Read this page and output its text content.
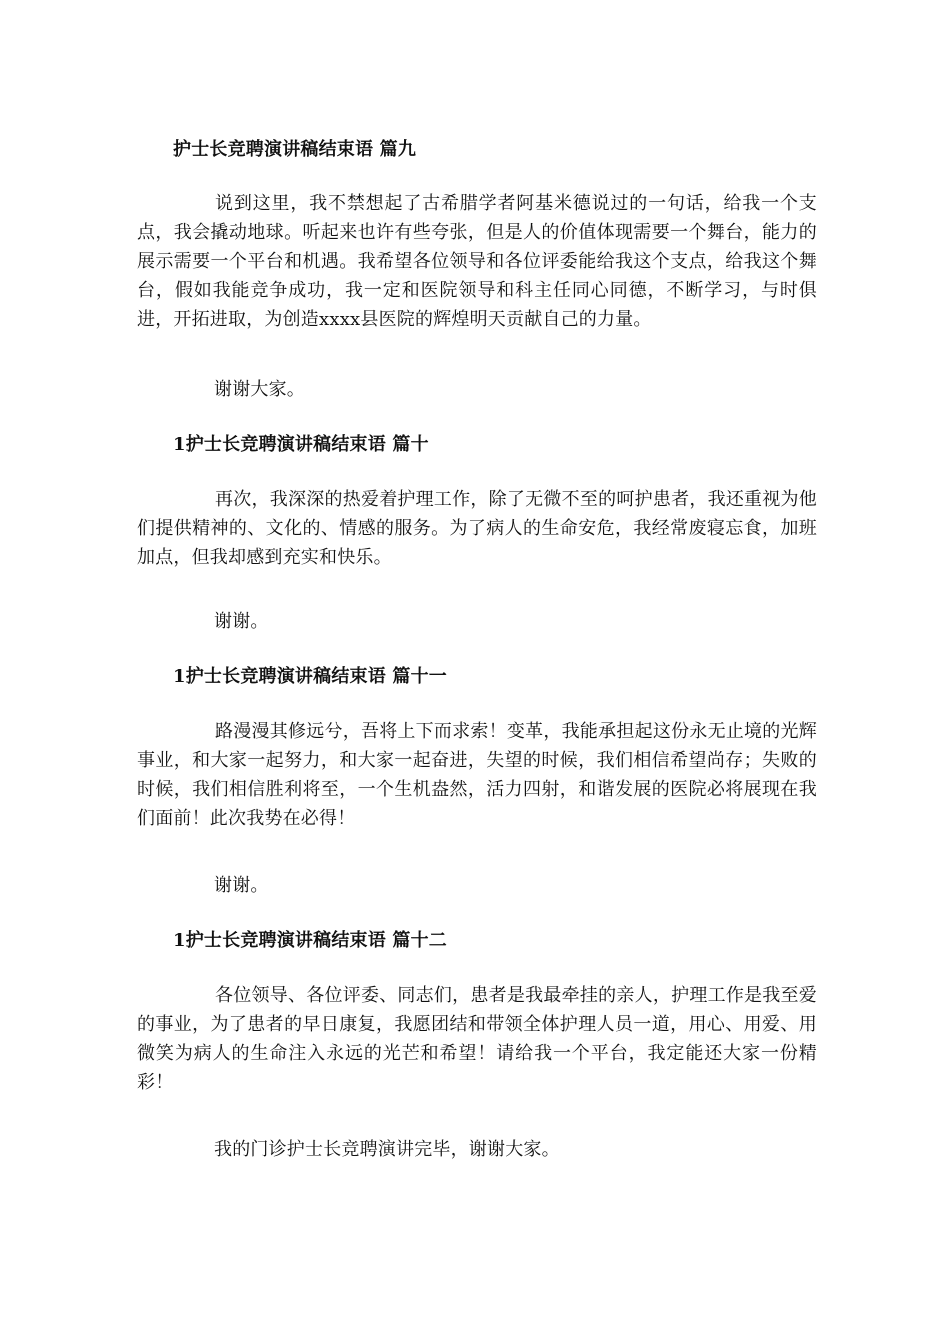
护士长竞聘演讲稿结束语 篇九

说到这里，我不禁想起了古希腊学者阿基米德说过的一句话，给我一个支点，我会撬动地球。听起来也许有些夸张，但是人的价值体现需要一个舞台，能力的展示需要一个平台和机遇。我希望各位领导和各位评委能给我这个支点，给我这个舞台，假如我能竞争成功，我一定和医院领导和科主任同心同德，不断学习，与时俱进，开拓进取，为创造xxxx县医院的辉煌明天贡献自己的力量。

谢谢大家。

1护士长竞聘演讲稿结束语 篇十

再次，我深深的热爱着护理工作，除了无微不至的呵护患者，我还重视为他们提供精神的、文化的、情感的服务。为了病人的生命安危，我经常废寝忘食，加班加点，但我却感到充实和快乐。

谢谢。

1护士长竞聘演讲稿结束语 篇十一

路漫漫其修远兮，吾将上下而求索！变革，我能承担起这份永无止境的光辉事业，和大家一起努力，和大家一起奋进，失望的时候，我们相信希望尚存；失败的时候，我们相信胜利将至，一个生机盎然，活力四射，和谐发展的医院必将展现在我们面前！此次我势在必得！

谢谢。

1护士长竞聘演讲稿结束语 篇十二

各位领导、各位评委、同志们，患者是我最牵挂的亲人，护理工作是我至爱的事业，为了患者的早日康复，我愿团结和带领全体护理人员一道，用心、用爱、用微笑为病人的生命注入永远的光芒和希望！请给我一个平台，我定能还大家一份精彩！

我的门诊护士长竞聘演讲完毕，谢谢大家。
